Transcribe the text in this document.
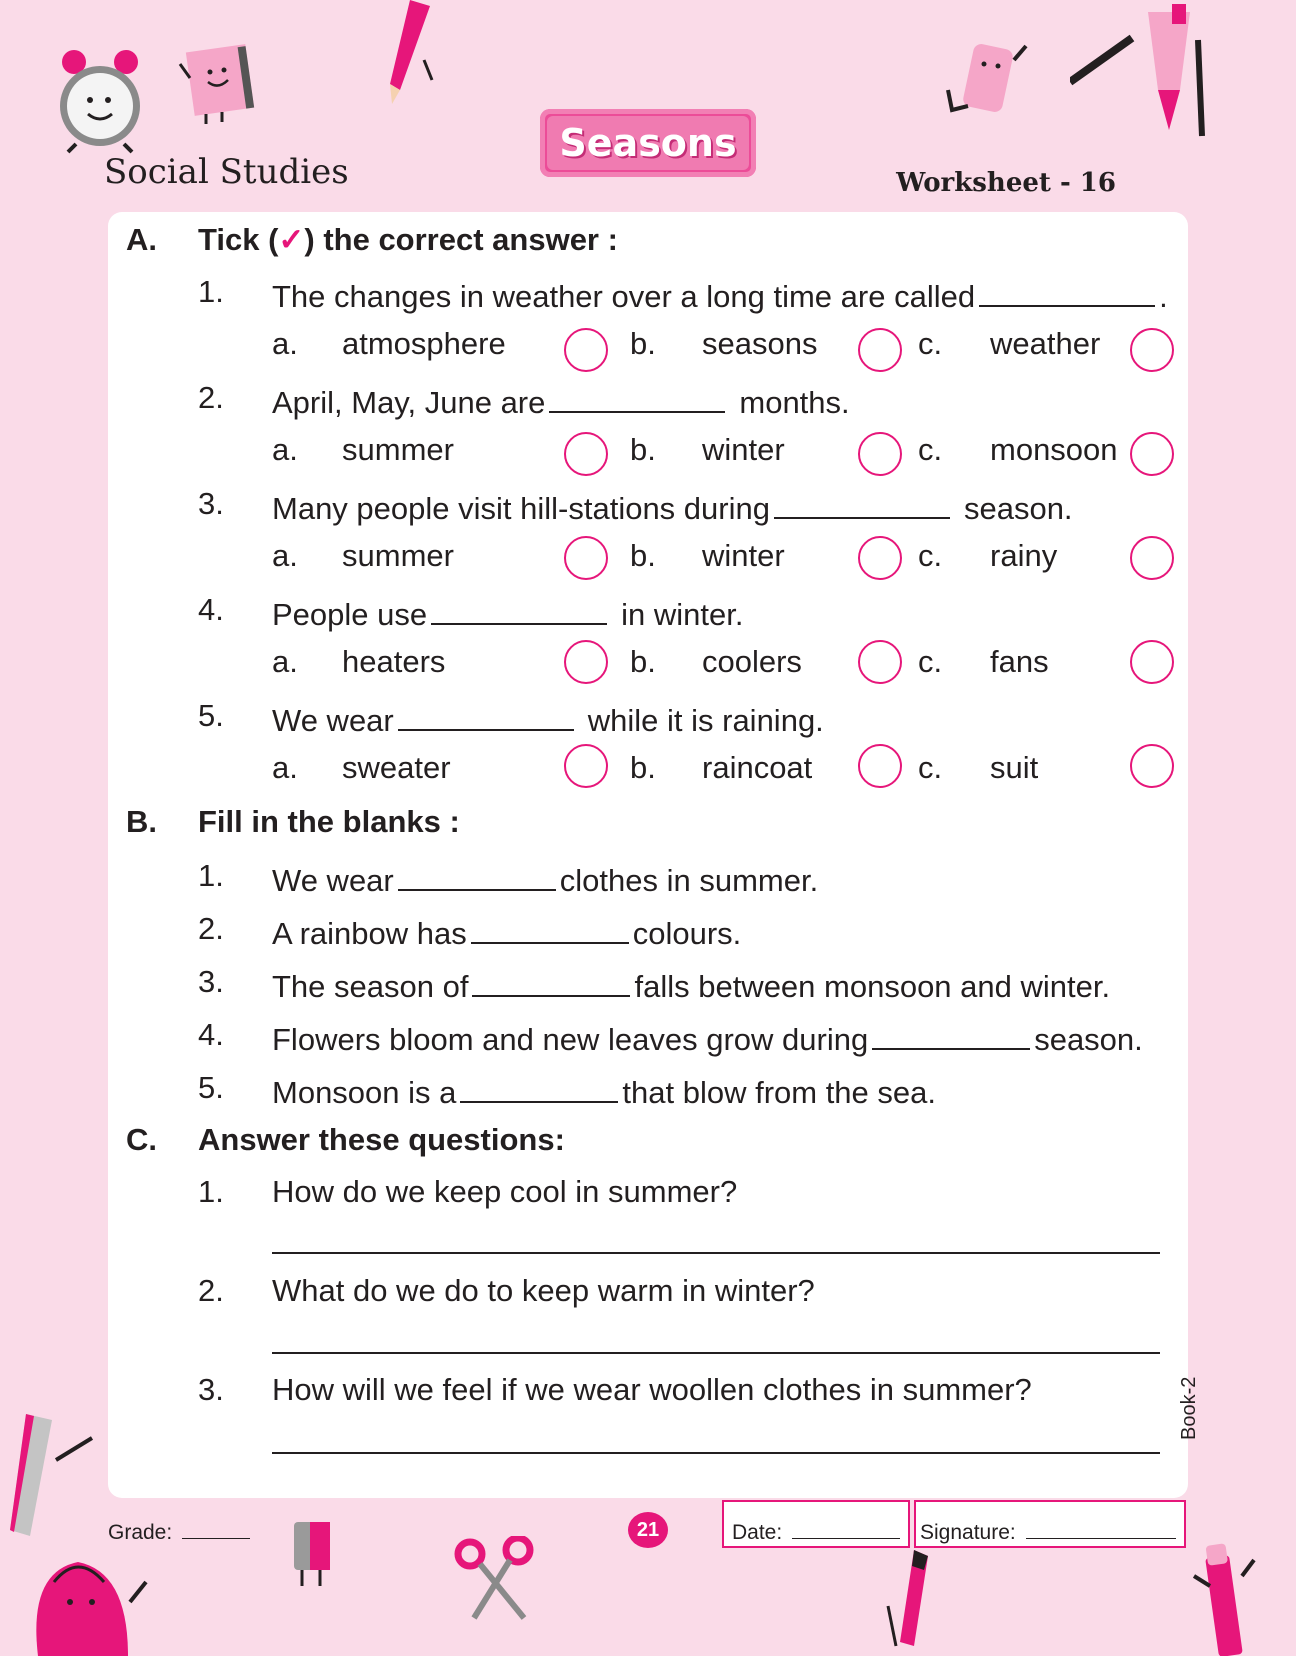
Social Studies
Seasons
Worksheet - 16
A. Tick (✓) the correct answer :
1. The changes in weather over a long time are called	.
a. atmosphere	b. seasons	c. weather
2. April, May, June are	months.
a. summer	b. winter	c. monsoon
3. Many people visit hill-stations during	season.
a. summer	b. winter	c. rainy
4. People use	in winter.
a. heaters	b. coolers	c. fans
5. We wear	while it is raining.
a. sweater	b. raincoat	c. suit
B. Fill in the blanks :
1. We wear	clothes in summer.
2. A rainbow has	colours.
3. The season of	falls between monsoon and winter.
4. Flowers bloom and new leaves grow during	season.
5. Monsoon is a	that blow from the sea.
C. Answer these questions:
1. How do we keep cool in summer?
2. What do we do to keep warm in winter?
3. How will we feel if we wear woollen clothes in summer?	Book-2
Grade:	21	Date:	Signature:
